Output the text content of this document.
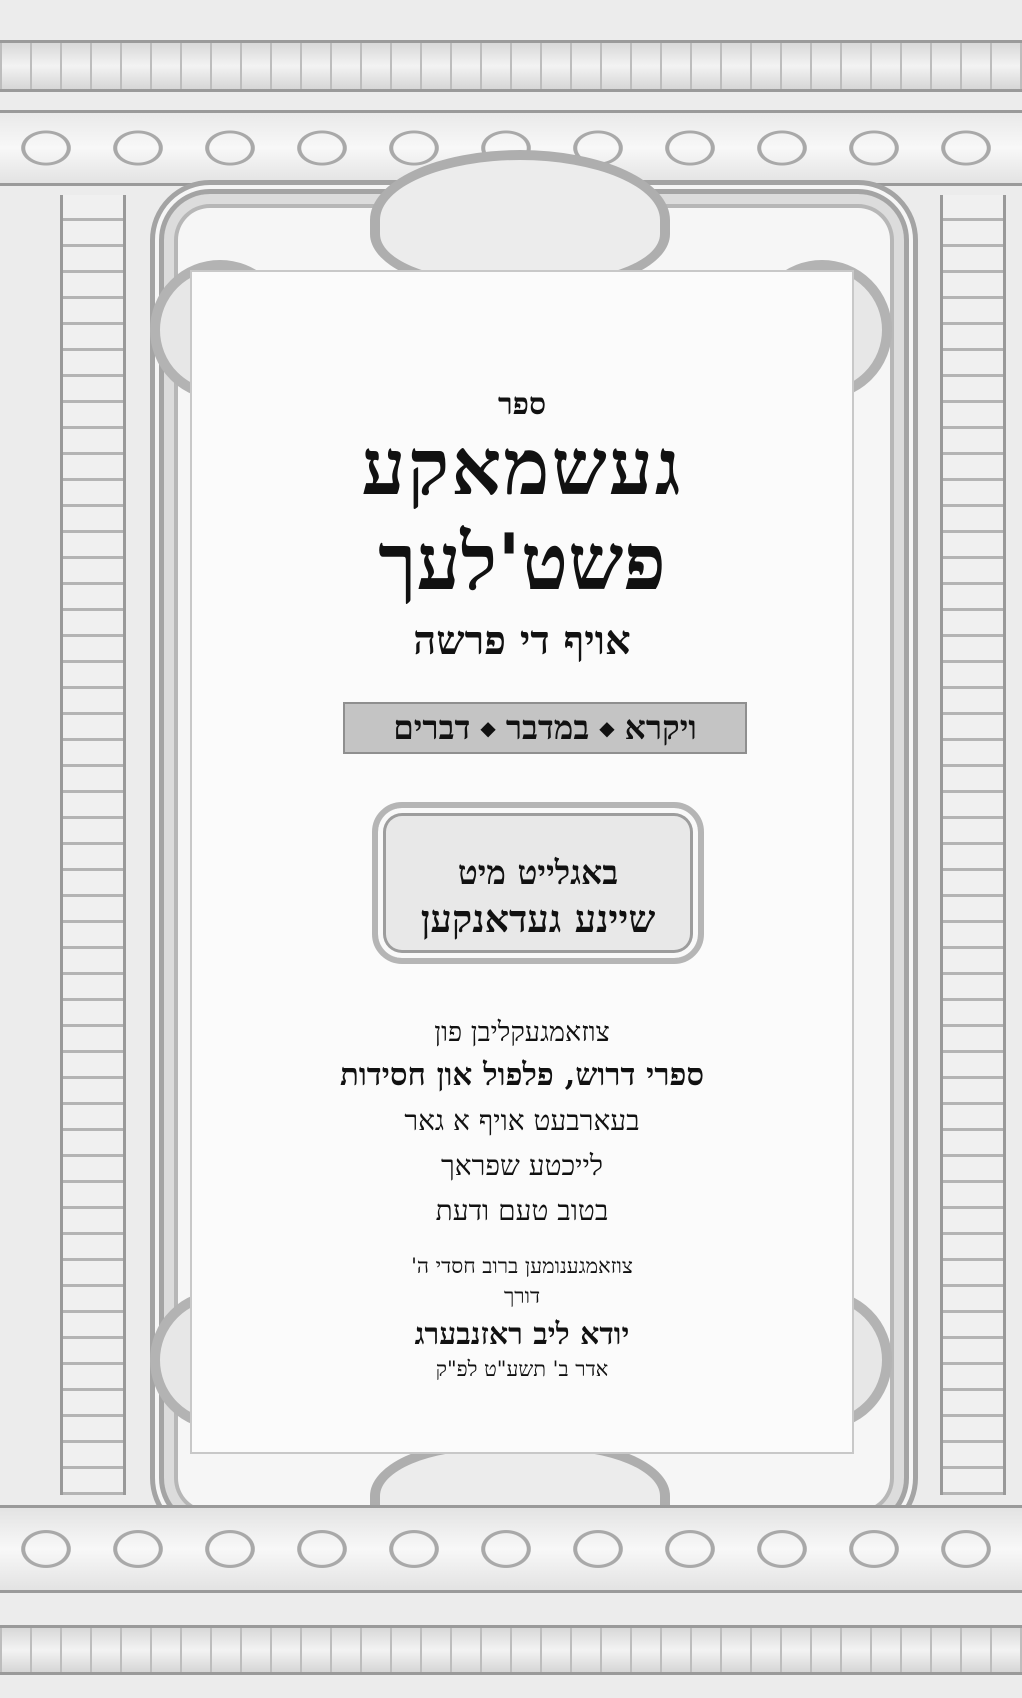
ספר
געשמאקע
פשט'לעך
אויף די פרשה
ויקרא
◆
במדבר
◆
דברים
באגלייט מיט
שיינע געדאנקען
צוזאמגעקליבן פון
ספרי דרוש, פלפול און חסידות
בעארבעט אויף א גאר
לייכטע שפראך
בטוב טעם ודעת
צוזאמגענומען ברוב חסדי ה'
דורך
יודא ליב ראזנבערג
אדר ב' תשע"ט לפ"ק
